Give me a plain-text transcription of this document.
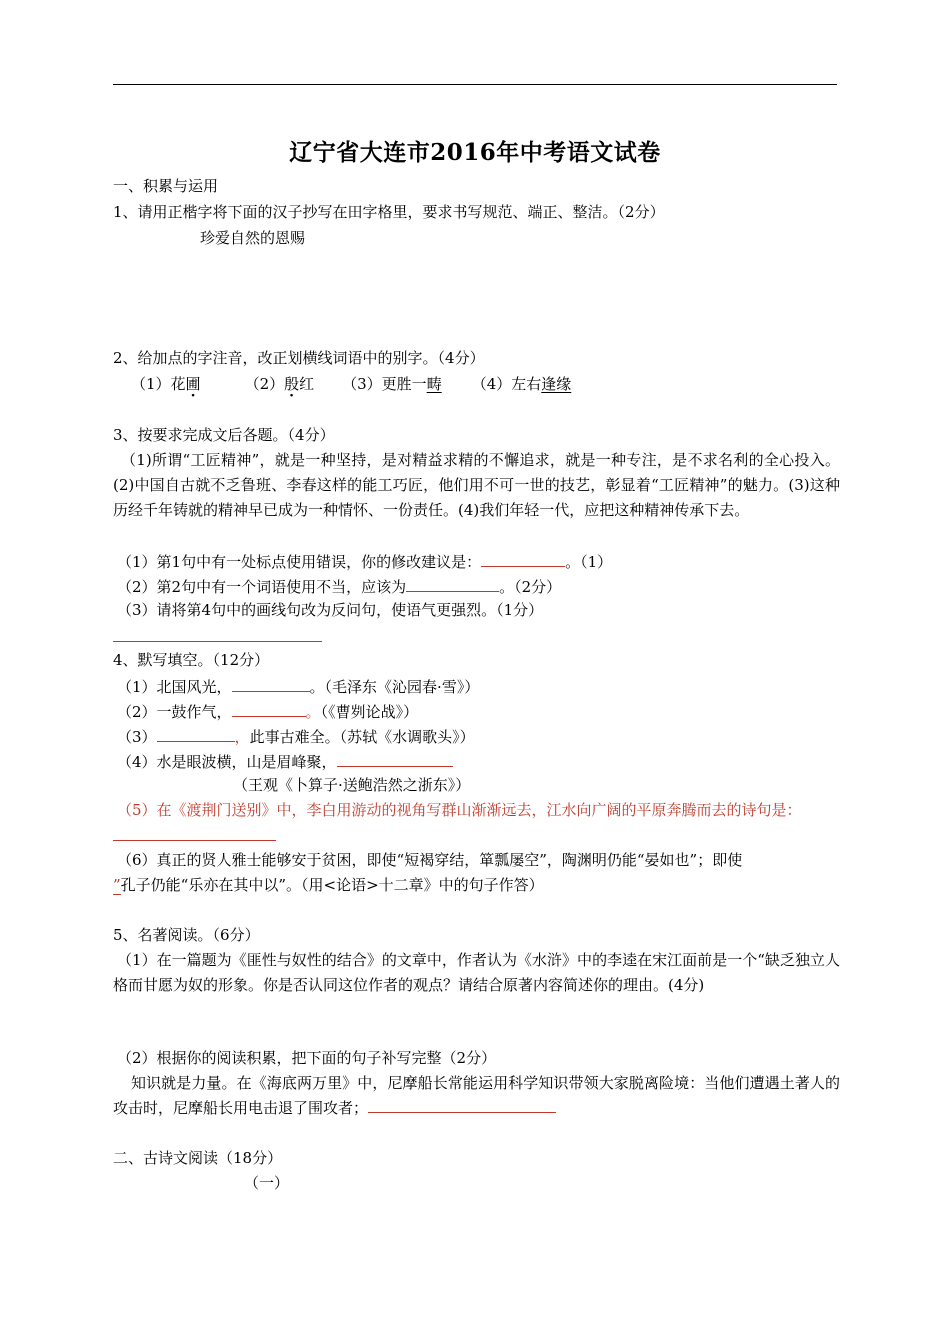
辽宁省大连市2016年中考语文试卷
一、积累与运用
1、请用正楷字将下面的汉子抄写在田字格里，要求书写规范、端正、整洁。（2分）
珍爱自然的恩赐
2、给加点的字注音，改正划横线词语中的别字。（4分）
（1）花圃	（2）殷红 （3）更胜一畴 （4）左右逢缘
3、按要求完成文后各题。（4分）
（1)所谓“工匠精神”，就是一种坚持，是对精益求精的不懈追求，就是一种专注，是不求名利的全心投入。(2)中国自古就不乏鲁班、李春这样的能工巧匠，他们用不可一世的技艺，彰显着“工匠精神”的魅力。(3)这种历经千年铸就的精神早已成为一种情怀、一份责任。(4)我们年轻一代，应把这种精神传承下去。
（1）第1句中有一处标点使用错误，你的修改建议是：	。（1）
（2）第2句中有一个词语使用不当，应该为	。（2分）
（3）请将第4句中的画线句改为反问句，使语气更强烈。（1分）
4、默写填空。（12分）
（1）北国风光，	。（毛泽东《沁园春·雪》）
（2）一鼓作气，	。（《曹刿论战》）
（3）	，此事古难全。（苏轼《水调歌头》）
（4）水是眼波横，山是眉峰聚，
（王观《卜算子·送鲍浩然之浙东》）
（5）在《渡荆门送别》中，李白用游动的视角写群山渐渐远去，江水向广阔的平原奔腾而去的诗句是：
（6）真正的贤人雅士能够安于贫困，即使“短褐穿结，箪瓢屡空”，陶渊明仍能“晏如也”；即使
”孔子仍能“乐亦在其中以”。（用<论语>十二章》中的句子作答）
5、名著阅读。（6分）
（1）在一篇题为《匪性与奴性的结合》的文章中，作者认为《水浒》中的李逵在宋江面前是一个“缺乏独立人格而甘愿为奴的形象。你是否认同这位作者的观点？请结合原著内容简述你的理由。(4分)
（2）根据你的阅读积累，把下面的句子补写完整（2分）
知识就是力量。在《海底两万里》中，尼摩船长常能运用科学知识带领大家脱离险境：当他们遭遇土著人的攻击时，尼摩船长用电击退了围攻者；
二、古诗文阅读（18分）
（一）
